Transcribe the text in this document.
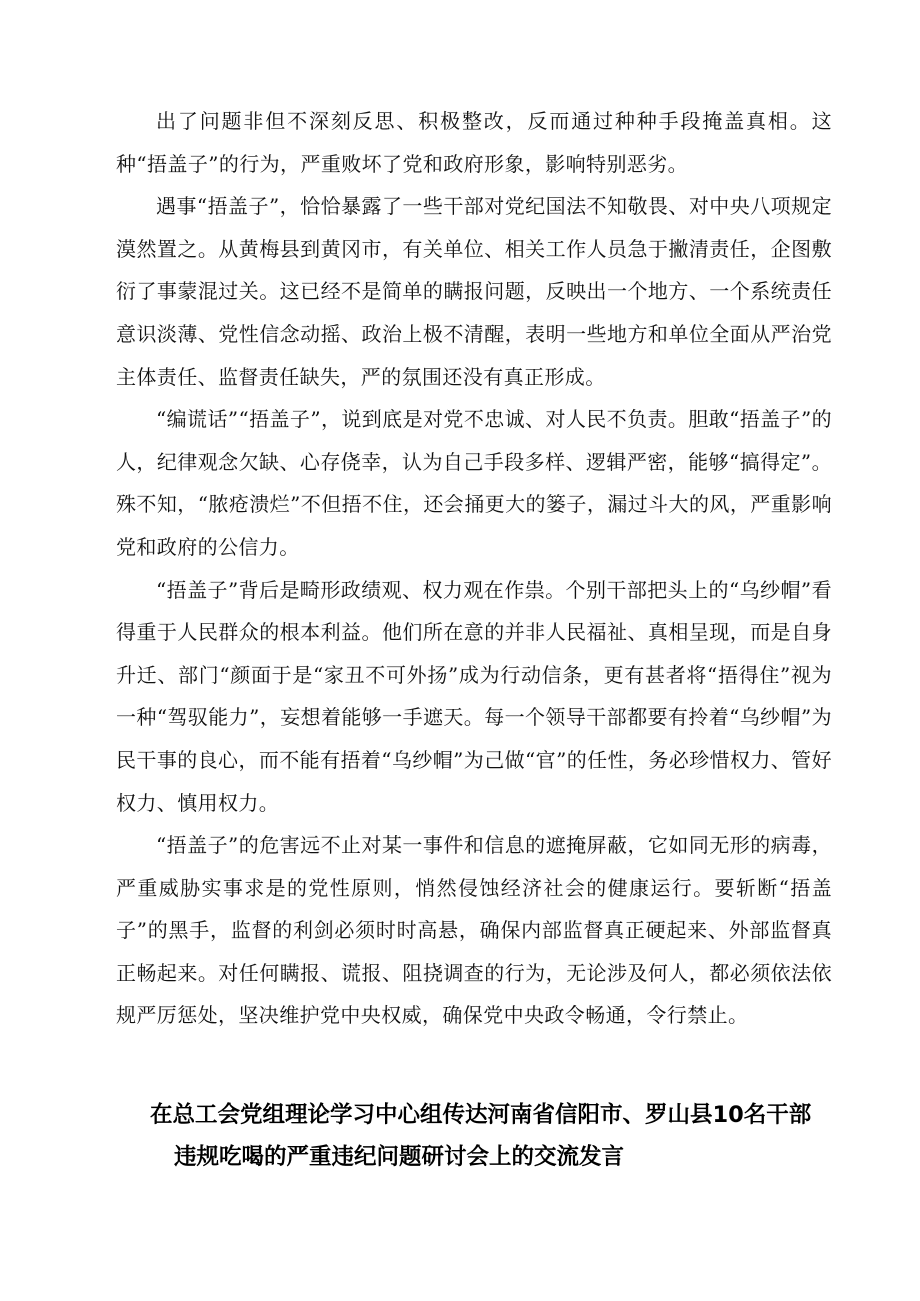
出了问题非但不深刻反思、积极整改，反而通过种种手段掩盖真相。这种“捂盖子”的行为，严重败坏了党和政府形象，影响特别恶劣。

遇事“捂盖子”，恰恰暴露了一些干部对党纪国法不知敬畏、对中央八项规定漠然置之。从黄梅县到黄冈市，有关单位、相关工作人员急于撇清责任，企图敷衍了事蒙混过关。这已经不是简单的瞒报问题，反映出一个地方、一个系统责任意识淡薄、党性信念动摇、政治上极不清醒，表明一些地方和单位全面从严治党主体责任、监督责任缺失，严的氛围还没有真正形成。

“编谎话”“捂盖子”，说到底是对党不忠诚、对人民不负责。胆敢“捂盖子”的人，纪律观念欠缺、心存侥幸，认为自己手段多样、逻辑严密，能够“搞得定”。殊不知，“脓疮溃烂”不但捂不住，还会捅更大的篓子，漏过斗大的风，严重影响党和政府的公信力。

“捂盖子”背后是畸形政绩观、权力观在作祟。个别干部把头上的“乌纱帽”看得重于人民群众的根本利益。他们所在意的并非人民福祉、真相呈现，而是自身升迁、部门“颜面于是“家丑不可外扬”成为行动信条，更有甚者将“捂得住”视为一种“驾驭能力”，妄想着能够一手遮天。每一个领导干部都要有拎着“乌纱帽”为民干事的良心，而不能有捂着“乌纱帽”为己做“官”的任性，务必珍惜权力、管好权力、慎用权力。

“捂盖子”的危害远不止对某一事件和信息的遮掩屏蔽，它如同无形的病毒，严重威胁实事求是的党性原则，悄然侵蚀经济社会的健康运行。要斩断“捂盖子”的黑手，监督的利剑必须时时高悬，确保内部监督真正硬起来、外部监督真正畅起来。对任何瞒报、谎报、阻挠调查的行为，无论涉及何人，都必须依法依规严厉惩处，坚决维护党中央权威，确保党中央政令畅通，令行禁止。

在总工会党组理论学习中心组传达河南省信阳市、罗山县10名干部
违规吃喝的严重违纪问题研讨会上的交流发言
